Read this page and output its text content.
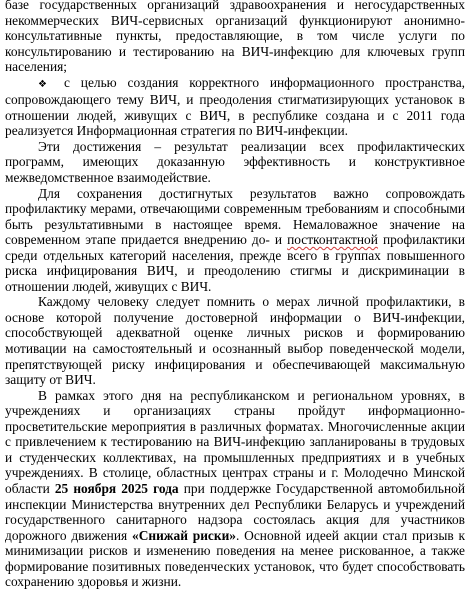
базе государственных организаций здравоохранения и негосударственных некоммерческих ВИЧ-сервисных организаций функционируют анонимно-консультативные пункты, предоставляющие, в том числе услуги по консультированию и тестированию на ВИЧ-инфекцию для ключевых групп населения;

❖ с целью создания корректного информационного пространства, сопровождающего тему ВИЧ, и преодоления стигматизирующих установок в отношении людей, живущих с ВИЧ, в республике создана и с 2011 года реализуется Информационная стратегия по ВИЧ-инфекции.

Эти достижения – результат реализации всех профилактических программ, имеющих доказанную эффективность и конструктивное межведомственное взаимодействие.

Для сохранения достигнутых результатов важно сопровождать профилактику мерами, отвечающими современным требованиям и способными быть результативными в настоящее время. Немаловажное значение на современном этапе придается внедрению до- и постконтактной профилактики среди отдельных категорий населения, прежде всего в группах повышенного риска инфицирования ВИЧ, и преодолению стигмы и дискриминации в отношении людей, живущих с ВИЧ.

Каждому человеку следует помнить о мерах личной профилактики, в основе которой получение достоверной информации о ВИЧ-инфекции, способствующей адекватной оценке личных рисков и формированию мотивации на самостоятельный и осознанный выбор поведенческой модели, препятствующей риску инфицирования и обеспечивающей максимальную защиту от ВИЧ.

В рамках этого дня на республиканском и региональном уровнях, в учреждениях и организациях страны пройдут информационно-просветительские мероприятия в различных форматах. Многочисленные акции с привлечением к тестированию на ВИЧ-инфекцию запланированы в трудовых и студенческих коллективах, на промышленных предприятиях и в учебных учреждениях. В столице, областных центрах страны и г. Молодечно Минской области 25 ноября 2025 года при поддержке Государственной автомобильной инспекции Министерства внутренних дел Республики Беларусь и учреждений государственного санитарного надзора состоялась акция для участников дорожного движения «Снижай риски». Основной идеей акции стал призыв к минимизации рисков и изменению поведения на менее рискованное, а также формирование позитивных поведенческих установок, что будет способствовать сохранению здоровья и жизни.
